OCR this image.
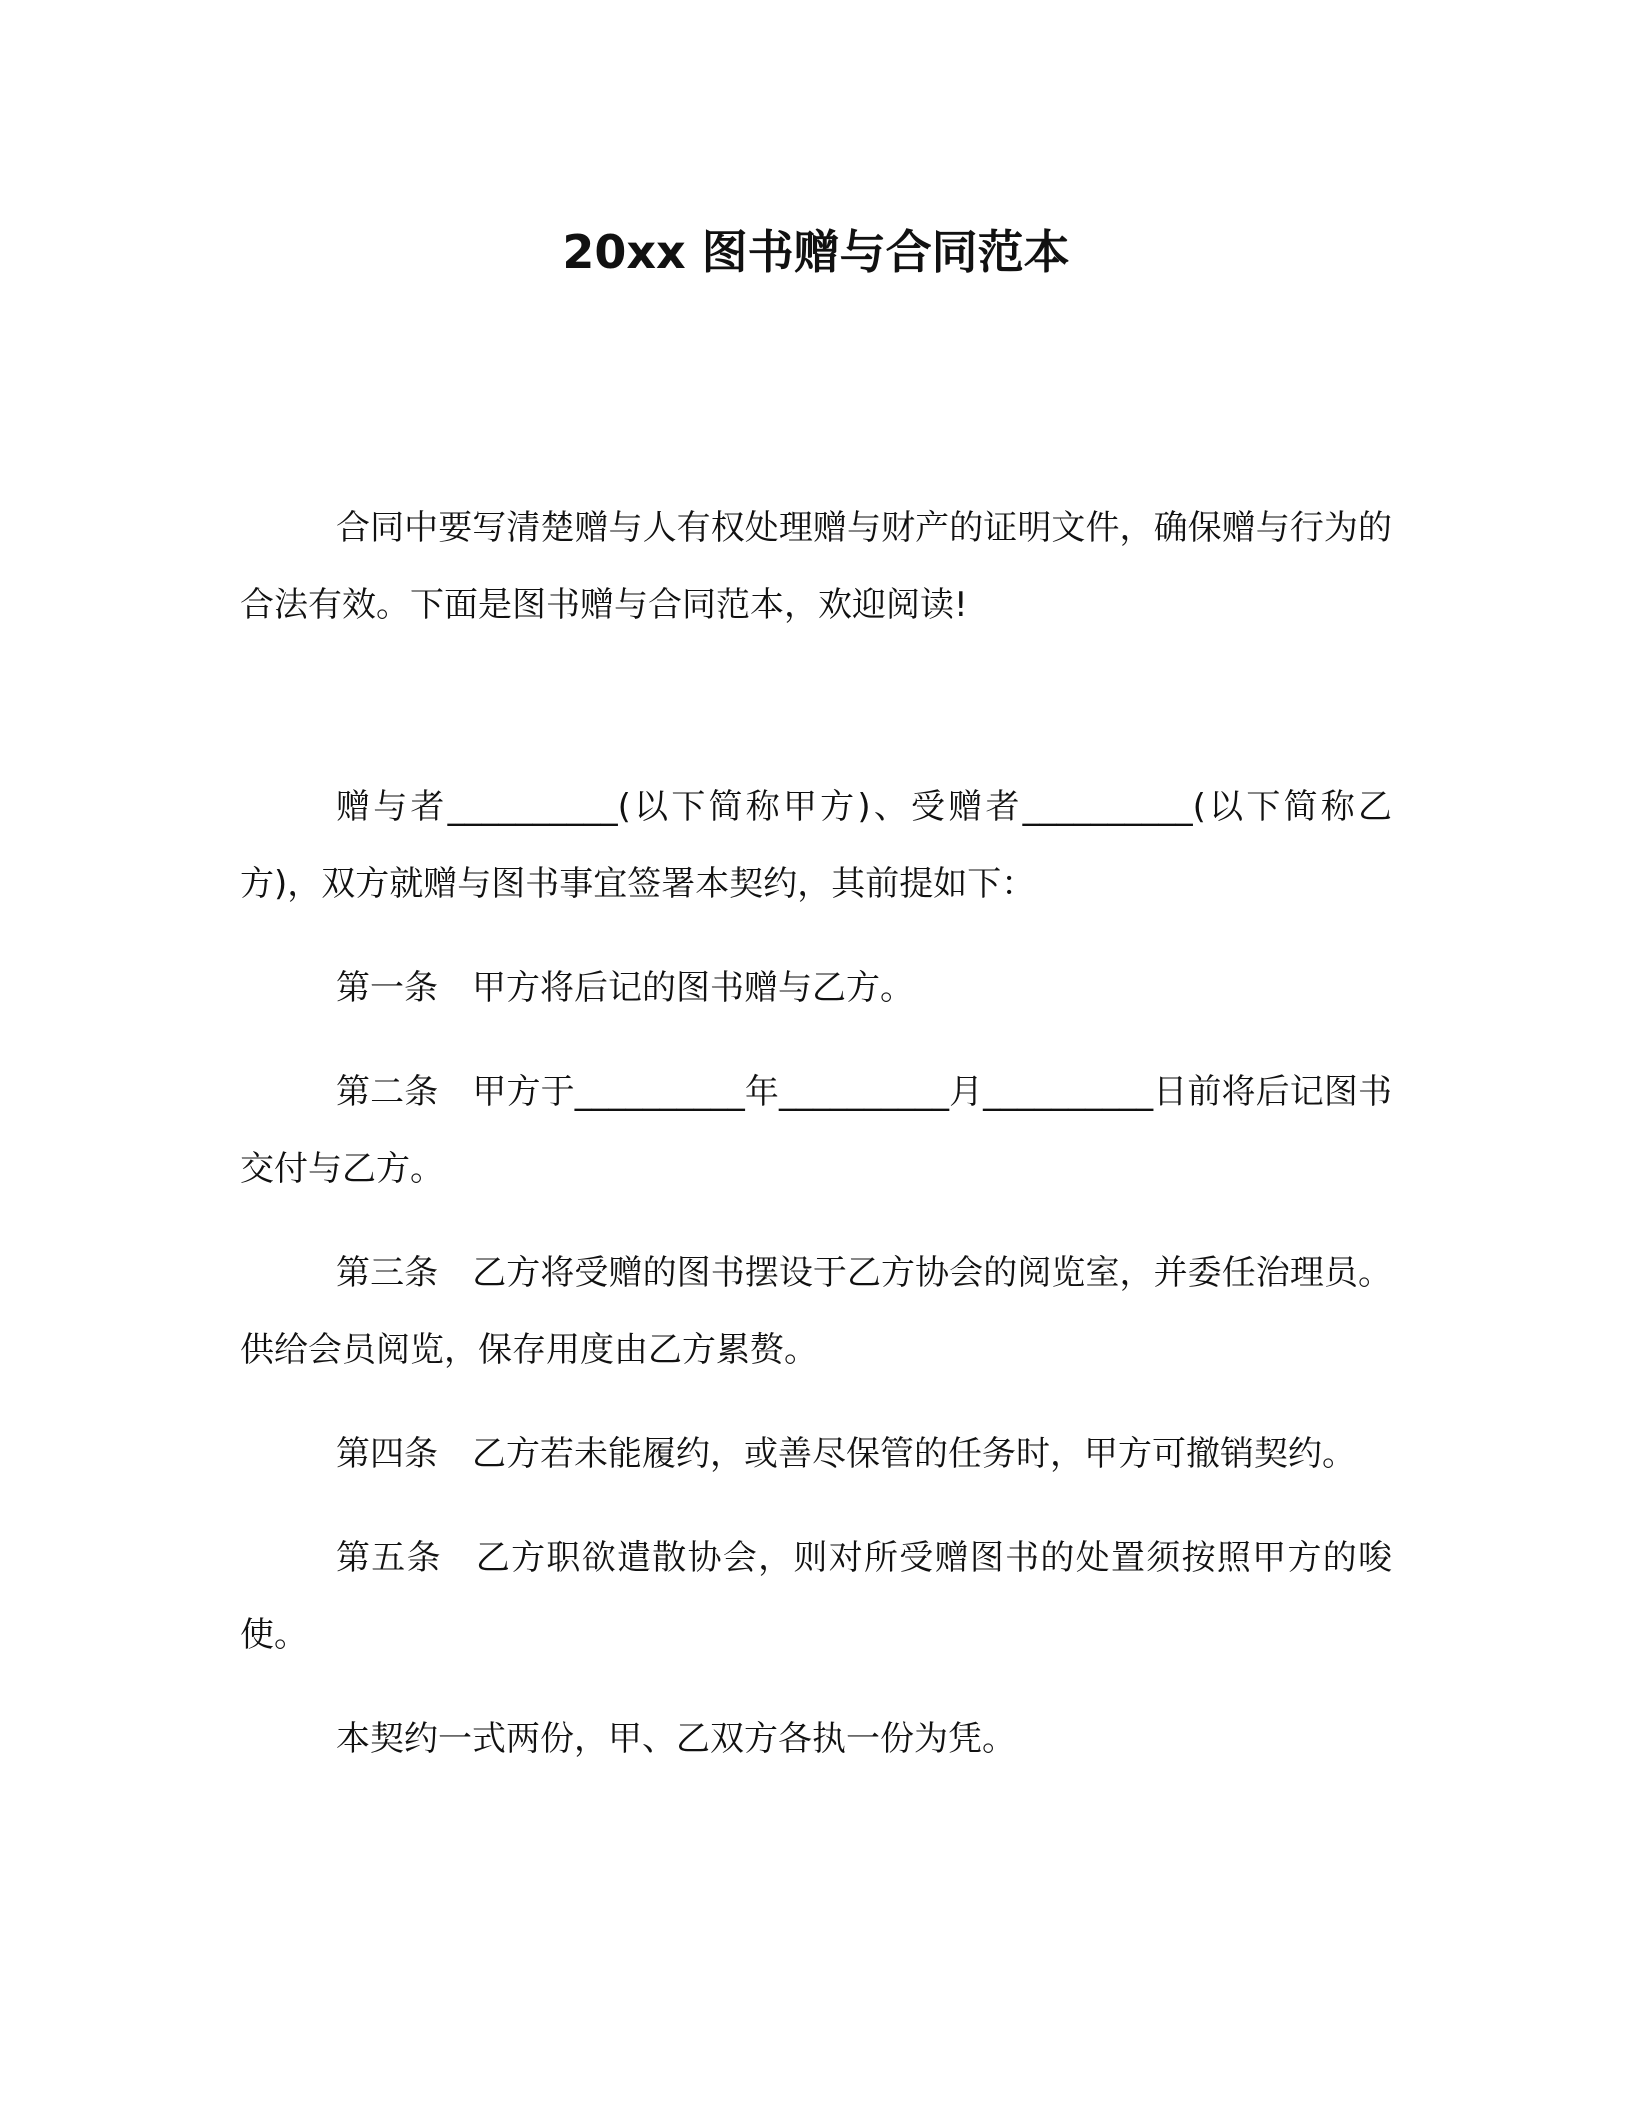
20xx 图书赠与合同范本

合同中要写清楚赠与人有权处理赠与财产的证明文件，确保赠与行为的合法有效。下面是图书赠与合同范本，欢迎阅读!

赠与者__________(以下简称甲方)、受赠者__________(以下简称乙方)，双方就赠与图书事宜签署本契约，其前提如下：

第一条 甲方将后记的图书赠与乙方。

第二条 甲方于__________年__________月__________日前将后记图书交付与乙方。

第三条 乙方将受赠的图书摆设于乙方协会的阅览室，并委任治理员。供给会员阅览，保存用度由乙方累赘。

第四条 乙方若未能履约，或善尽保管的任务时，甲方可撤销契约。

第五条 乙方职欲遣散协会，则对所受赠图书的处置须按照甲方的唆使。

本契约一式两份，甲、乙双方各执一份为凭。
